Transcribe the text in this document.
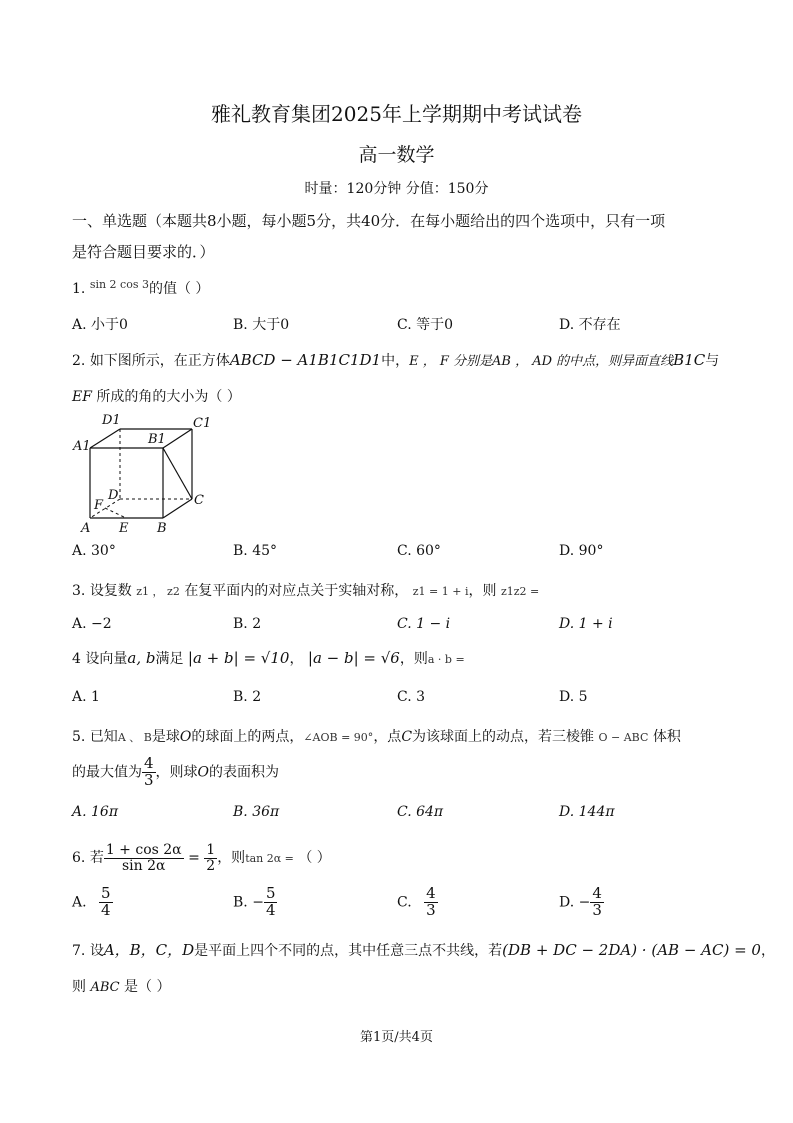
雅礼教育集团2025年上学期期中考试试卷
高一数学
时量：120分钟 分值：150分
一、单选题（本题共8小题，每小题5分，共40分．在每小题给出的四个选项中，只有一项
是符合题目要求的．）
1. $^{sin 2 cos 3}$的值（ ）
A. 小于0	B. 大于0	C. 等于0	D. 不存在
2. 如下图所示，在正方体ABCD − A1B1C1D1中，E ， F 分别是AB ， AD 的中点，则异面直线B1C与
EF 所成的角的大小为（ ）
D1	C1
A1	B1
D	C
F
A E B
A. 30°	B. 45°	C. 60°	D. 90°
3. 设复数 z1 ， z2 在复平面内的对应点关于实轴对称， z1 = 1 + i，则 z1z2 =
A. −2	B. 2	C. 1 − i	D. 1 + i
4 设向量a, b满足 |a + b| = √10， |a − b| = √6，则a · b =
A. 1	B. 2	C. 3	D. 5
5. 已知A 、 B是球O的球面上的两点，∠AOB = 90°，点C为该球面上的动点，若三棱锥 O − ABC 体积
的最大值为 $\frac{4}{3}$ ，则球O的表面积为
A. 16π	B. 36π	C. 64π	D. 144π
6. 若 $\frac{1 + \cos 2\alpha}{\sin 2\alpha} = \frac{1}{2}$ ，则tan 2α = （ ）
A. $\frac{5}{4}$	B. − $\frac{5}{4}$	C. $\frac{4}{3}$	D. − $\frac{4}{3}$
7. 设A，B，C，D是平面上四个不同的点，其中任意三点不共线，若(DB + DC − 2DA) · (AB − AC) = 0，
则 ABC 是（ ）
第1页/共4页
